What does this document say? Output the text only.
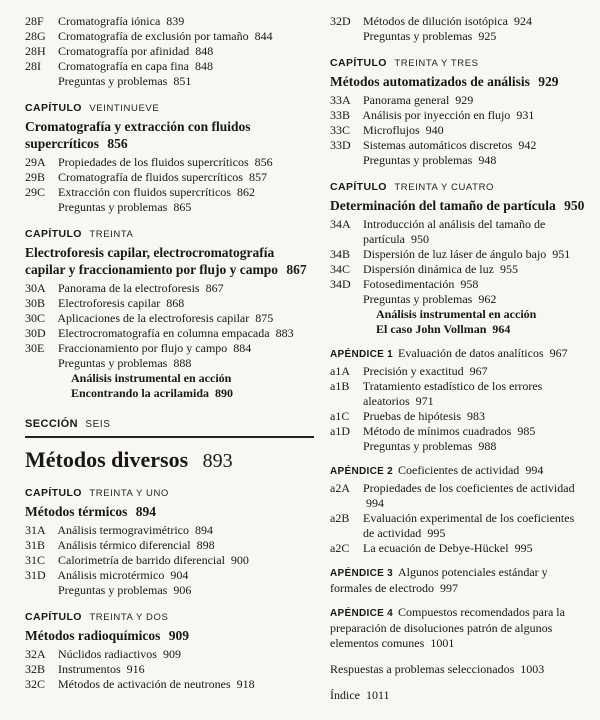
28F Cromatografía iónica 839
28G Cromatografía de exclusión por tamaño 844
28H Cromatografía por afinidad 848
28I Cromatografía en capa fina 848
Preguntas y problemas 851
CAPÍTULO VEINTINUEVE
Cromatografía y extracción con fluidos supercríticos 856
29A Propiedades de los fluidos supercríticos 856
29B Cromatografía de fluidos supercríticos 857
29C Extracción con fluidos supercríticos 862
Preguntas y problemas 865
CAPÍTULO TREINTA
Electroforesis capilar, electrocromatografía capilar y fraccionamiento por flujo y campo 867
30A Panorama de la electroforesis 867
30B Electroforesis capilar 868
30C Aplicaciones de la electroforesis capilar 875
30D Electrocromatografía en columna empacada 883
30E Fraccionamiento por flujo y campo 884
Preguntas y problemas 888
Análisis instrumental en acción
Encontrando la acrilamida 890
SECCIÓN SEIS
Métodos diversos 893
CAPÍTULO TREINTA Y UNO
Métodos térmicos 894
31A Análisis termogravimétrico 894
31B Análisis térmico diferencial 898
31C Calorimetría de barrido diferencial 900
31D Análisis microtérmico 904
Preguntas y problemas 906
CAPÍTULO TREINTA Y DOS
Métodos radioquímicos 909
32A Núclidos radiactivos 909
32B Instrumentos 916
32C Métodos de activación de neutrones 918
32D Métodos de dilución isotópica 924
Preguntas y problemas 925
CAPÍTULO TREINTA Y TRES
Métodos automatizados de análisis 929
33A Panorama general 929
33B Análisis por inyección en flujo 931
33C Microflujos 940
33D Sistemas automáticos discretos 942
Preguntas y problemas 948
CAPÍTULO TREINTA Y CUATRO
Determinación del tamaño de partícula 950
34A Introducción al análisis del tamaño de partícula 950
34B Dispersión de luz láser de ángulo bajo 951
34C Dispersión dinámica de luz 955
34D Fotosedimentación 958
Preguntas y problemas 962
Análisis instrumental en acción
El caso John Vollman 964
APÉNDICE 1 Evaluación de datos analíticos 967
a1A Precisión y exactitud 967
a1B Tratamiento estadístico de los errores aleatorios 971
a1C Pruebas de hipótesis 983
a1D Método de mínimos cuadrados 985
Preguntas y problemas 988
APÉNDICE 2 Coeficientes de actividad 994
a2A Propiedades de los coeficientes de actividad 994
a2B Evaluación experimental de los coeficientes de actividad 995
a2C La ecuación de Debye-Hückel 995
APÉNDICE 3 Algunos potenciales estándar y formales de electrodo 997
APÉNDICE 4 Compuestos recomendados para la preparación de disoluciones patrón de algunos elementos comunes 1001
Respuestas a problemas seleccionados 1003
Índice 1011
